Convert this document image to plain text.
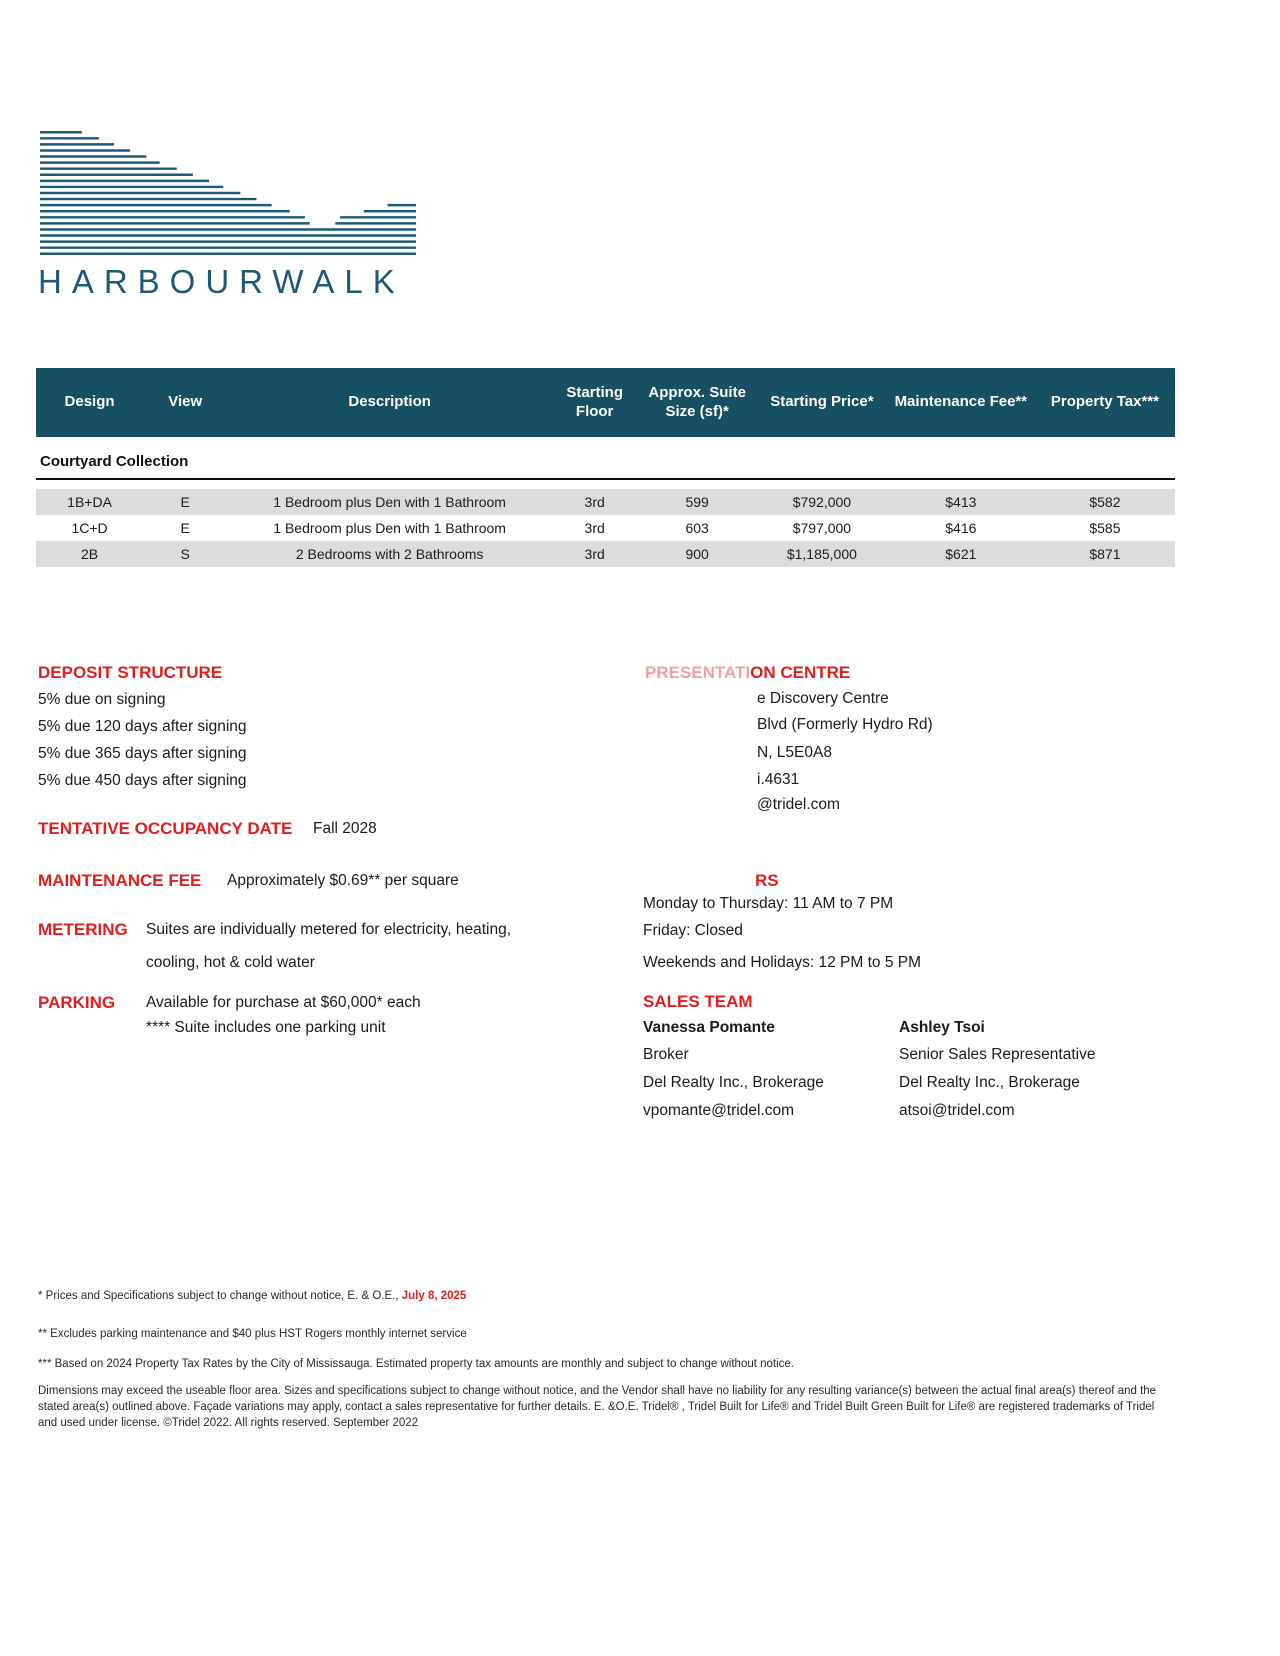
HARBOURWALK
Design	View	Description	Starting Floor	Approx. Suite Size (sf)*	Starting Price*	Maintenance Fee**	Property Tax***
Courtyard Collection
1B+DA	E	1 Bedroom plus Den with 1 Bathroom	3rd	599	$792,000	$413	$582
1C+D	E	1 Bedroom plus Den with 1 Bathroom	3rd	603	$797,000	$416	$585
2B	S	2 Bedrooms with 2 Bathrooms	3rd	900	$1,185,000	$621	$871
DEPOSIT STRUCTURE
5% due on signing
5% due 120 days after signing
5% due 365 days after signing
5% due 450 days after signing
TENTATIVE OCCUPANCY DATE Fall 2028
MAINTENANCE FEE Approximately $0.69** per square
METERING Suites are individually metered for electricity, heating,
cooling, hot & cold water
PARKING Available for purchase at $60,000* each
**** Suite includes one parking unit
PRESENTATION CENTRE
e Discovery Centre
Blvd (Formerly Hydro Rd)
N, L5E0A8
i.4631
@tridel.com
RS
Monday to Thursday: 11 AM to 7 PM
Friday: Closed
Weekends and Holidays: 12 PM to 5 PM
SALES TEAM
Vanessa Pomante
Broker
Del Realty Inc., Brokerage
vpomante@tridel.com
Ashley Tsoi
Senior Sales Representative
Del Realty Inc., Brokerage
atsoi@tridel.com
* Prices and Specifications subject to change without notice, E. & O.E., July 8, 2025
** Excludes parking maintenance and $40 plus HST Rogers monthly internet service
*** Based on 2024 Property Tax Rates by the City of Mississauga. Estimated property tax amounts are monthly and subject to change without notice.
Dimensions may exceed the useable floor area. Sizes and specifications subject to change without notice, and the Vendor shall have no liability for any resulting variance(s) between the actual final area(s) thereof and the stated area(s) outlined above. Façade variations may apply, contact a sales representative for further details. E. &O.E. Tridel® , Tridel Built for Life® and Tridel Built Green Built for Life® are registered trademarks of Tridel and used under license. ©Tridel 2022. All rights reserved. September 2022
